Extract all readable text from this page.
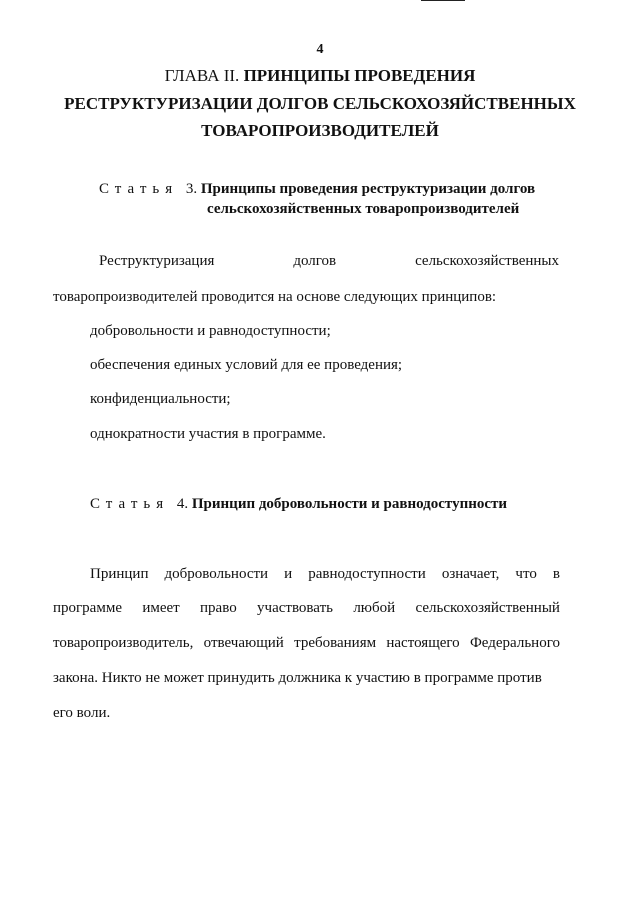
4
ГЛАВА II. ПРИНЦИПЫ ПРОВЕДЕНИЯ
РЕСТРУКТУРИЗАЦИИ ДОЛГОВ СЕЛЬСКОХОЗЯЙСТВЕННЫХ
ТОВАРОПРОИЗВОДИТЕЛЕЙ
Статья 3. Принципы проведения реструктуризации долгов
сельскохозяйственных товаропроизводителей
Реструктуризация	долгов	сельскохозяйственных
товаропроизводителей проводится на основе следующих принципов:
добровольности и равнодоступности;
обеспечения единых условий для ее проведения;
конфиденциальности;
однократности участия в программе.
Статья 4. Принцип добровольности и равнодоступности
Принцип добровольности и равнодоступности означает, что в
программе имеет право участвовать любой сельскохозяйственный
товаропроизводитель, отвечающий требованиям настоящего Федерального
закона. Никто не может принудить должника к участию в программе против
его воли.
